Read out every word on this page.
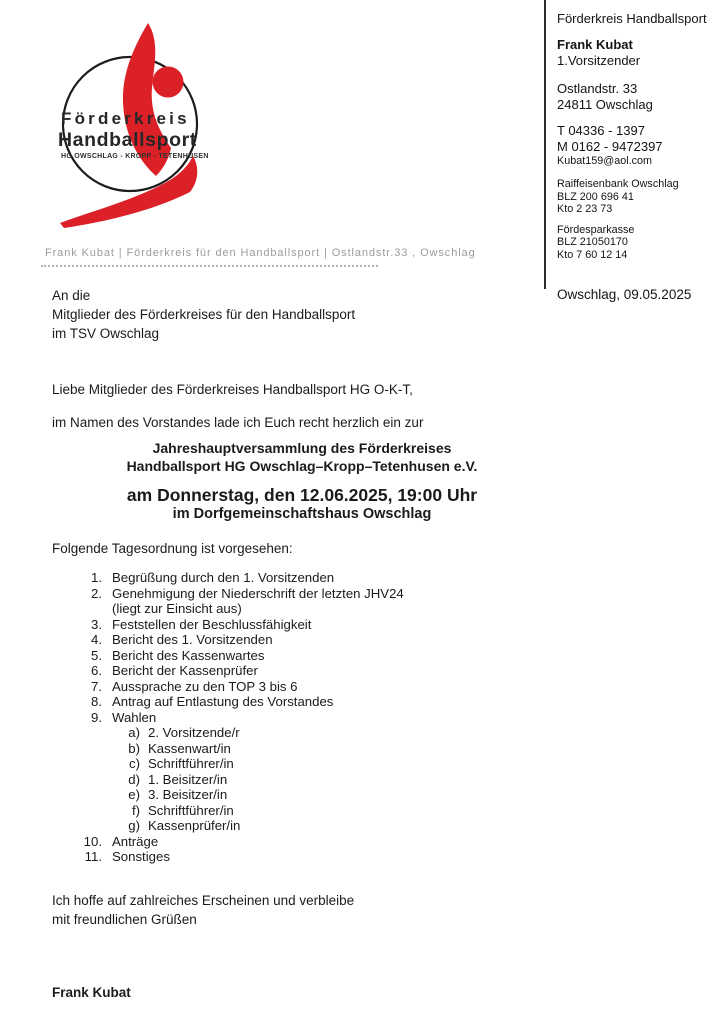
Förderkreis
Handballsport
HG OWSCHLAG - KROPP - TETENHUSEN
Frank Kubat | Förderkreis für den Handballsport | Ostlandstr.33 , Owschlag
Förderkreis Handballsport
Frank Kubat
1.Vorsitzender
Ostlandstr. 33
24811 Owschlag
T 04336 - 1397
M 0162 - 9472397
Kubat159@aol.com
Raiffeisenbank Owschlag
BLZ 200 696 41
Kto 2 23 73
Fördesparkasse
BLZ 21050170
Kto 7 60 12 14
Owschlag, 09.05.2025
An die
Mitglieder des Förderkreises für den Handballsport
im TSV Owschlag
Liebe Mitglieder des Förderkreises Handballsport HG O-K-T,
im Namen des Vorstandes lade ich Euch recht herzlich ein zur
Jahreshauptversammlung des Förderkreises
Handballsport HG Owschlag–Kropp–Tetenhusen e.V.
am Donnerstag, den 12.06.2025, 19:00 Uhr
im Dorfgemeinschaftshaus Owschlag
Folgende Tagesordnung ist vorgesehen:
1. Begrüßung durch den 1. Vorsitzenden
2. Genehmigung der Niederschrift der letzten JHV24
(liegt zur Einsicht aus)
3. Feststellen der Beschlussfähigkeit
4. Bericht des 1. Vorsitzenden
5. Bericht des Kassenwartes
6. Bericht der Kassenprüfer
7. Aussprache zu den TOP 3 bis 6
8. Antrag auf Entlastung des Vorstandes
9. Wahlen
a) 2. Vorsitzende/r
b) Kassenwart/in
c) Schriftführer/in
d) 1. Beisitzer/in
e) 3. Beisitzer/in
f) Schriftführer/in
g) Kassenprüfer/in
10. Anträge
11. Sonstiges
Ich hoffe auf zahlreiches Erscheinen und verbleibe
mit freundlichen Grüßen
Frank Kubat
